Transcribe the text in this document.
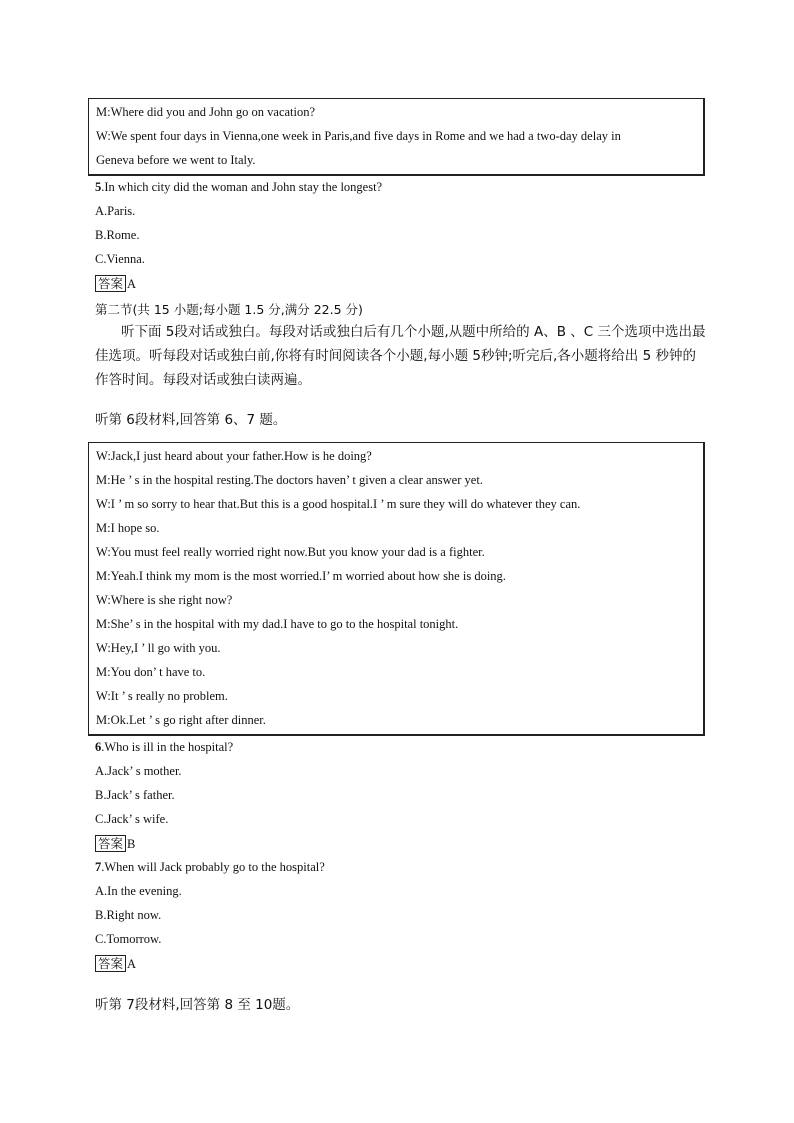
M:Where did you and John go on vacation?
W:We spent four days in Vienna,one week in Paris,and five days in Rome and we had a two-day delay in
Geneva before we went to Italy.
5.In which city did the woman and John stay the longest?
A.Paris.
B.Rome.
C.Vienna.
答案 A
第二节(共 15 小题;每小题 1.5 分,满分 22.5 分)
听下面 5段对话或独白。每段对话或独白后有几个小题,从题中所给的 A、B 、C 三个选项中选出最佳选项。听每段对话或独白前,你将有时间阅读各个小题,每小题 5秒钟;听完后,各小题将给出 5 秒钟的作答时间。每段对话或独白读两遍。
听第 6段材料,回答第 6、7 题。
W:Jack,I just heard about your father.How is he doing?
M:He ’ s in the hospital resting.The doctors haven’ t given a clear answer yet.
W:I ’ m so sorry to hear that.But this is a good hospital.I ’ m sure they will do whatever they can.
M:I hope so.
W:You must feel really worried right now.But you know your dad is a fighter.
M:Yeah.I think my mom is the most worried.I’ m worried about how she is doing.
W:Where is she right now?
M:She’ s in the hospital with my dad.I have to go to the hospital tonight.
W:Hey,I ’ ll go with you.
M:You don’ t have to.
W:It ’ s really no problem.
M:Ok.Let ’ s go right after dinner.
6.Who is ill in the hospital?
A.Jack’ s mother.
B.Jack’ s father.
C.Jack’ s wife.
答案 B
7.When will Jack probably go to the hospital?
A.In the evening.
B.Right now.
C.Tomorrow.
答案 A
听第 7段材料,回答第 8 至 10题。
